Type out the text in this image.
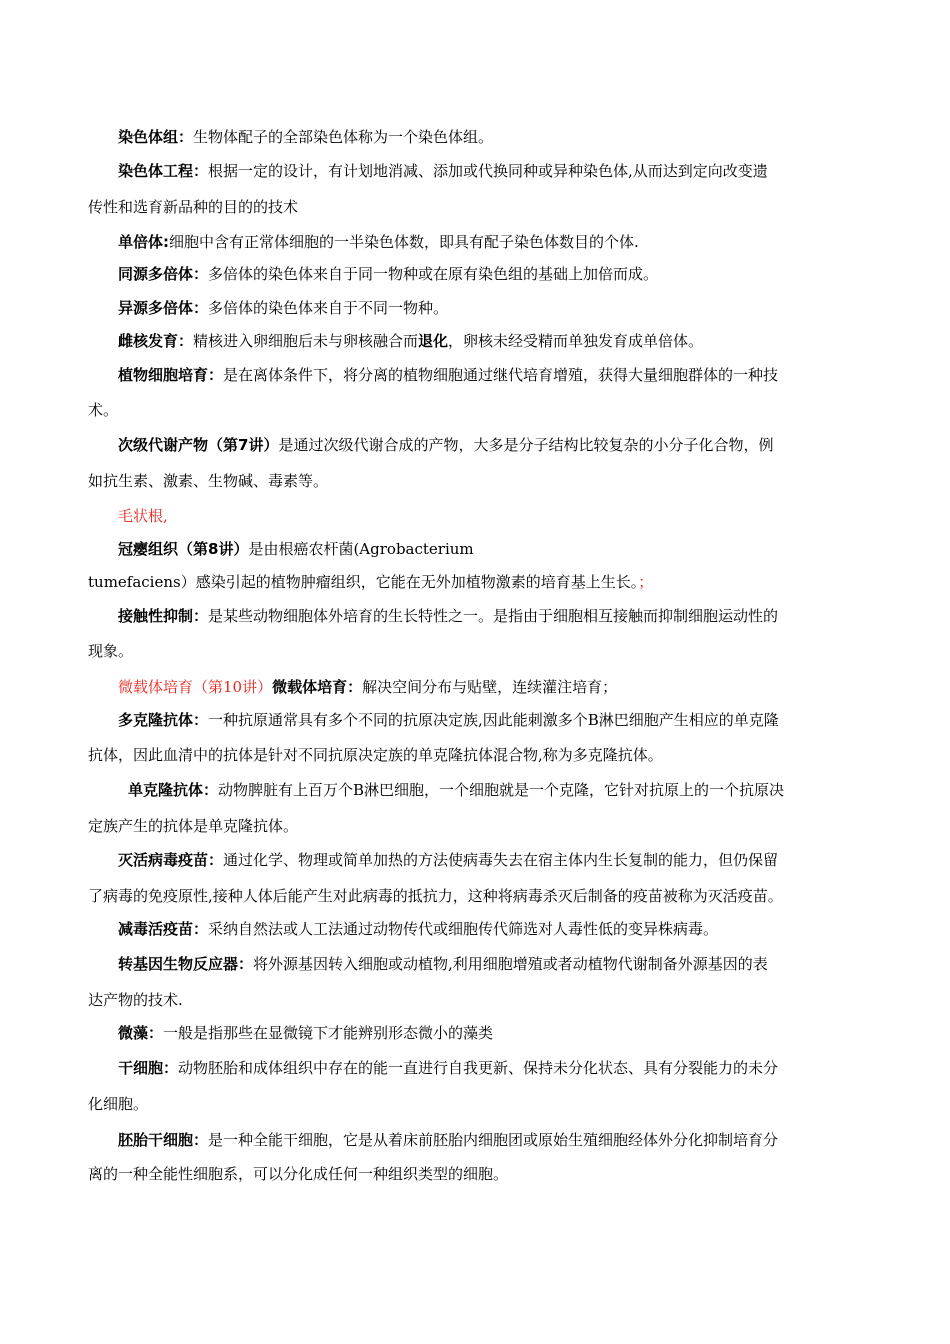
染色体组：生物体配子的全部染色体称为一个染色体组。
染色体工程：根据一定的设计，有计划地消减、添加或代换同种或异种染色体,从而达到定向改变遗
传性和选育新品种的目的的技术
单倍体:细胞中含有正常体细胞的一半染色体数，即具有配子染色体数目的个体.
同源多倍体：多倍体的染色体来自于同一物种或在原有染色组的基础上加倍而成。
异源多倍体：多倍体的染色体来自于不同一物种。
雌核发育：精核进入卵细胞后未与卵核融合而退化，卵核未经受精而单独发育成单倍体。
植物细胞培育：是在离体条件下，将分离的植物细胞通过继代培育增殖，获得大量细胞群体的一种技
术。
次级代谢产物（第7讲）是通过次级代谢合成的产物，大多是分子结构比较复杂的小分子化合物，例
如抗生素、激素、生物碱、毒素等。
毛状根,
冠瘿组织（第8讲）是由根癌农杆菌(Agrobacterium
tumefaciens）感染引起的植物肿瘤组织，它能在无外加植物激素的培育基上生长。；
接触性抑制：是某些动物细胞体外培育的生长特性之一。是指由于细胞相互接触而抑制细胞运动性的
现象。
微载体培育（第10讲）微载体培育：解决空间分布与贴壁，连续灌注培育；
多克隆抗体：一种抗原通常具有多个不同的抗原决定族,因此能刺激多个B淋巴细胞产生相应的单克隆
抗体，因此血清中的抗体是针对不同抗原决定族的单克隆抗体混合物,称为多克隆抗体。
单克隆抗体：动物脾脏有上百万个B淋巴细胞，一个细胞就是一个克隆，它针对抗原上的一个抗原决
定族产生的抗体是单克隆抗体。
灭活病毒疫苗：通过化学、物理或简单加热的方法使病毒失去在宿主体内生长复制的能力，但仍保留
了病毒的免疫原性,接种人体后能产生对此病毒的抵抗力，这种将病毒杀灭后制备的疫苗被称为灭活疫苗。
减毒活疫苗：采纳自然法或人工法通过动物传代或细胞传代筛选对人毒性低的变异株病毒。
转基因生物反应器：将外源基因转入细胞或动植物,利用细胞增殖或者动植物代谢制备外源基因的表
达产物的技术.
微藻：一般是指那些在显微镜下才能辨别形态微小的藻类
干细胞：动物胚胎和成体组织中存在的能一直进行自我更新、保持未分化状态、具有分裂能力的未分
化细胞。
胚胎干细胞：是一种全能干细胞，它是从着床前胚胎内细胞团或原始生殖细胞经体外分化抑制培育分
离的一种全能性细胞系，可以分化成任何一种组织类型的细胞。
